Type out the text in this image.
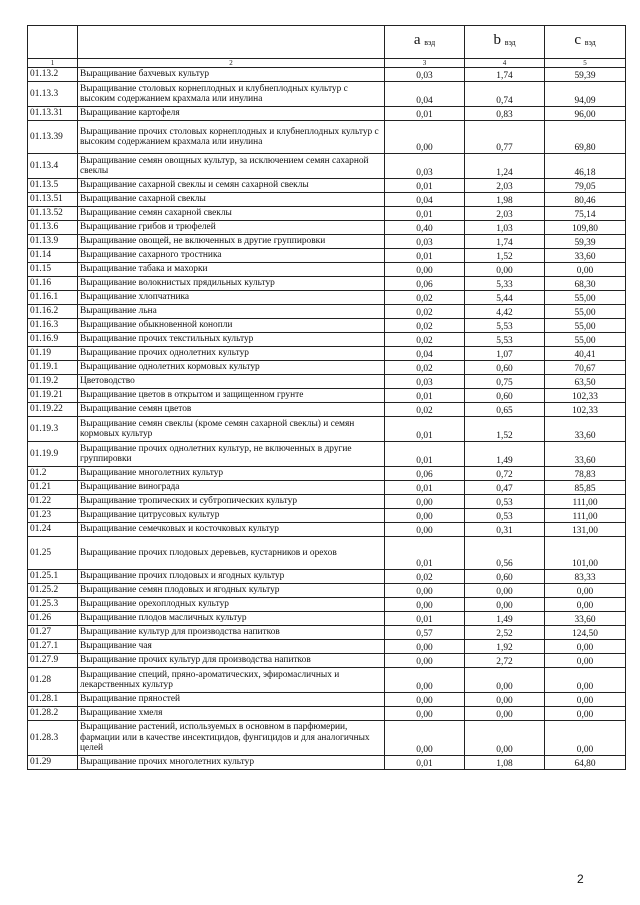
		a $_{вэд}$	b $_{вэд}$	c $_{вэд}$
1	2	3	4	5
01.13.2	Выращивание бахчевых культур	0,03	1,74	59,39
01.13.3	Выращивание столовых корнеплодных и клубнеплодных культур с высоким содержанием крахмала или инулина	0,04	0,74	94,09
01.13.31	Выращивание картофеля	0,01	0,83	96,00
01.13.39	Выращивание прочих столовых корнеплодных и клубнеплодных культур с высоким содержанием крахмала или инулина	0,00	0,77	69,80
01.13.4	Выращивание семян овощных культур, за исключением семян сахарной свеклы	0,03	1,24	46,18
01.13.5	Выращивание сахарной свеклы и семян сахарной свеклы	0,01	2,03	79,05
01.13.51	Выращивание сахарной свеклы	0,04	1,98	80,46
01.13.52	Выращивание семян сахарной свеклы	0,01	2,03	75,14
01.13.6	Выращивание грибов и трюфелей	0,40	1,03	109,80
01.13.9	Выращивание овощей, не включенных в другие группировки	0,03	1,74	59,39
01.14	Выращивание сахарного тростника	0,01	1,52	33,60
01.15	Выращивание табака и махорки	0,00	0,00	0,00
01.16	Выращивание волокнистых прядильных культур	0,06	5,33	68,30
01.16.1	Выращивание хлопчатника	0,02	5,44	55,00
01.16.2	Выращивание льна	0,02	4,42	55,00
01.16.3	Выращивание обыкновенной конопли	0,02	5,53	55,00
01.16.9	Выращивание прочих текстильных культур	0,02	5,53	55,00
01.19	Выращивание прочих однолетних культур	0,04	1,07	40,41
01.19.1	Выращивание однолетних кормовых культур	0,02	0,60	70,67
01.19.2	Цветоводство	0,03	0,75	63,50
01.19.21	Выращивание цветов в открытом и защищенном грунте	0,01	0,60	102,33
01.19.22	Выращивание семян цветов	0,02	0,65	102,33
01.19.3	Выращивание семян свеклы (кроме семян сахарной свеклы) и семян кормовых культур	0,01	1,52	33,60
01.19.9	Выращивание прочих однолетних культур, не включенных в другие группировки	0,01	1,49	33,60
01.2	Выращивание многолетних культур	0,06	0,72	78,83
01.21	Выращивание винограда	0,01	0,47	85,85
01.22	Выращивание тропических и субтропических культур	0,00	0,53	111,00
01.23	Выращивание цитрусовых культур	0,00	0,53	111,00
01.24	Выращивание семечковых и косточковых культур	0,00	0,31	131,00
01.25	Выращивание прочих плодовых деревьев, кустарников и орехов	0,01	0,56	101,00
01.25.1	Выращивание прочих плодовых и ягодных культур	0,02	0,60	83,33
01.25.2	Выращивание семян плодовых и ягодных культур	0,00	0,00	0,00
01.25.3	Выращивание орехоплодных культур	0,00	0,00	0,00
01.26	Выращивание плодов масличных культур	0,01	1,49	33,60
01.27	Выращивание культур для производства напитков	0,57	2,52	124,50
01.27.1	Выращивание чая	0,00	1,92	0,00
01.27.9	Выращивание прочих культур для производства напитков	0,00	2,72	0,00
01.28	Выращивание специй, пряно-ароматических, эфиромасличных и лекарственных культур	0,00	0,00	0,00
01.28.1	Выращивание пряностей	0,00	0,00	0,00
01.28.2	Выращивание хмеля	0,00	0,00	0,00
01.28.3	Выращивание растений, используемых в основном в парфюмерии, фармации или в качестве инсектицидов, фунгицидов и для аналогичных целей	0,00	0,00	0,00
01.29	Выращивание прочих многолетних культур	0,01	1,08	64,80
2
